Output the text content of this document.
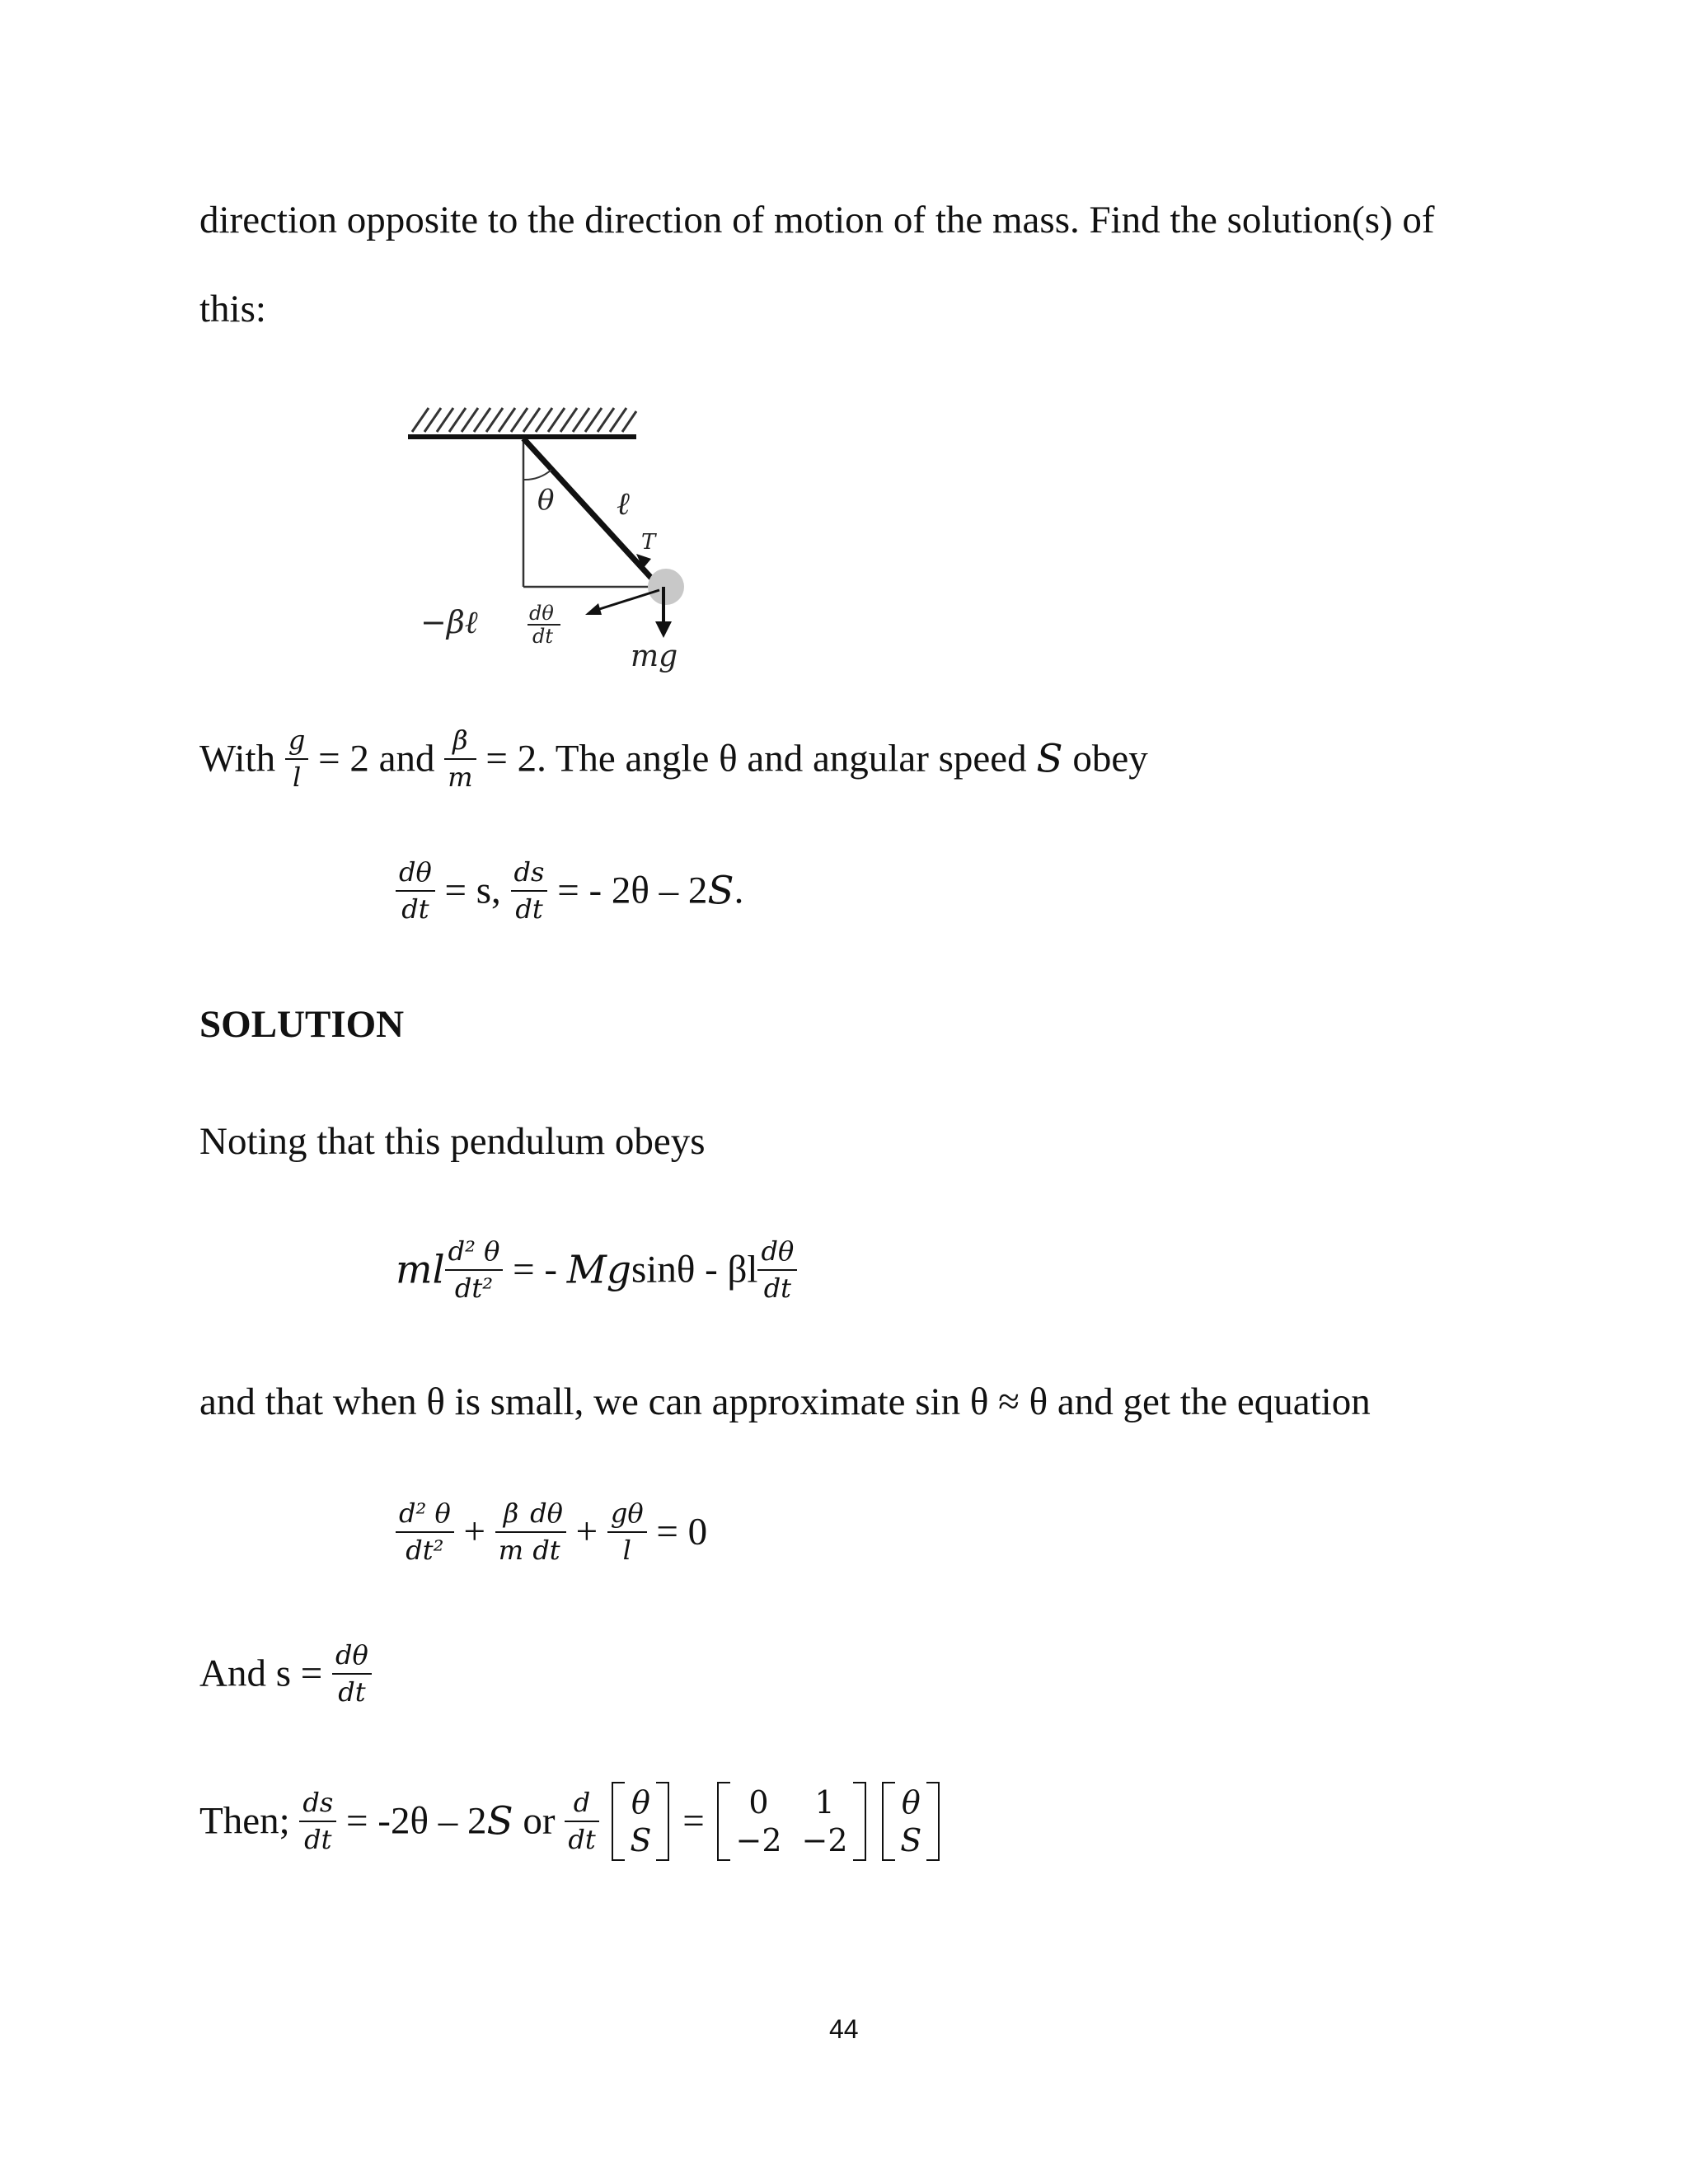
direction opposite to the direction of motion of the mass. Find the solution(s) of
this:
θ ℓ
T
mg
−βℓ	dθ
dt
With $\frac{g}{l} = 2$ and $\frac{\beta}{m} = 2$. The angle θ and angular speed S obey
$\frac{d\theta}{dt} = s$, $\frac{ds}{dt}$ = - 2θ – 2S.
SOLUTION
Noting that this pendulum obeys
ml $\frac{\text{d² θ}}{\text{dt²}}$ = - Mgsinθ - βl $\frac{d\theta}{dt}$
and that when θ is small, we can approximate sin θ ≈ θ and get the equation
$\frac{\text{d² θ}}{\text{dt²}} + \frac{\beta}{m} \frac{d\theta}{dt} + \frac{g\theta}{l} = 0$
And $s = \frac{d\theta}{dt}$
Then; $\frac{ds}{dt} = -2\theta - 2S$ or $\frac{d}{dt}$
θ
S =	0	1
−2 −2

θ
S
44
